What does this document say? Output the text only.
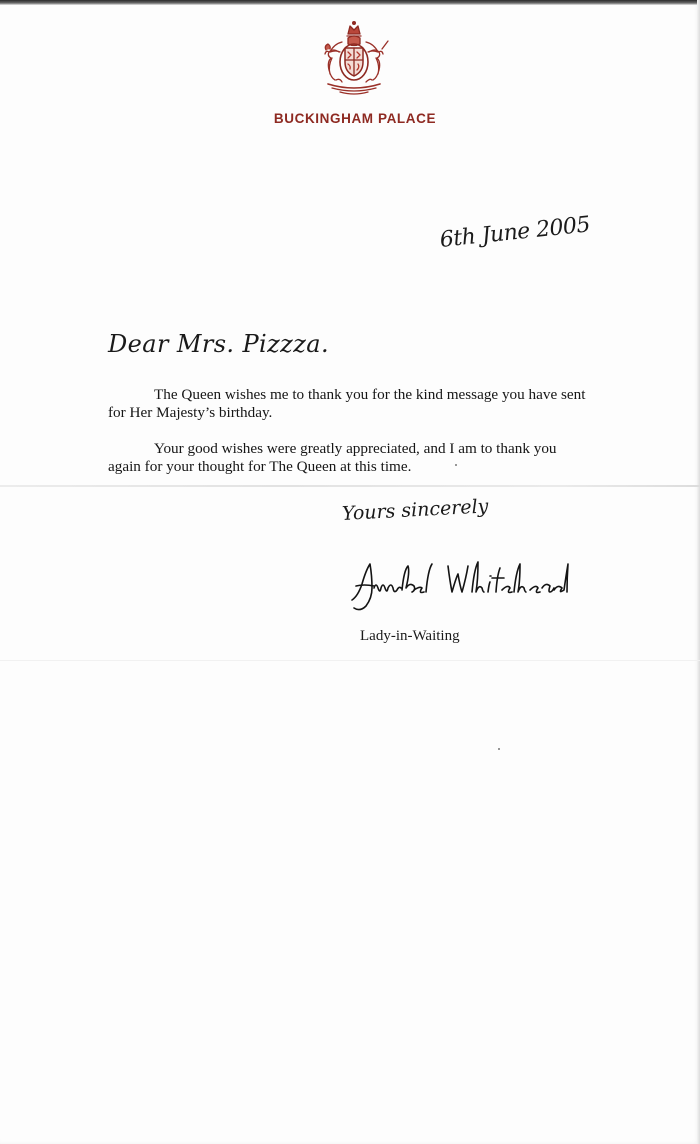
BUCKINGHAM PALACE
6th June 2005
Dear Mrs. Pizzza.

The Queen wishes me to thank you for the kind message you have sent for Her Majesty’s birthday.

Your good wishes were greatly appreciated, and I am to thank you again for your thought for The Queen at this time.

Yours sincerely
Lady-in-Waiting
